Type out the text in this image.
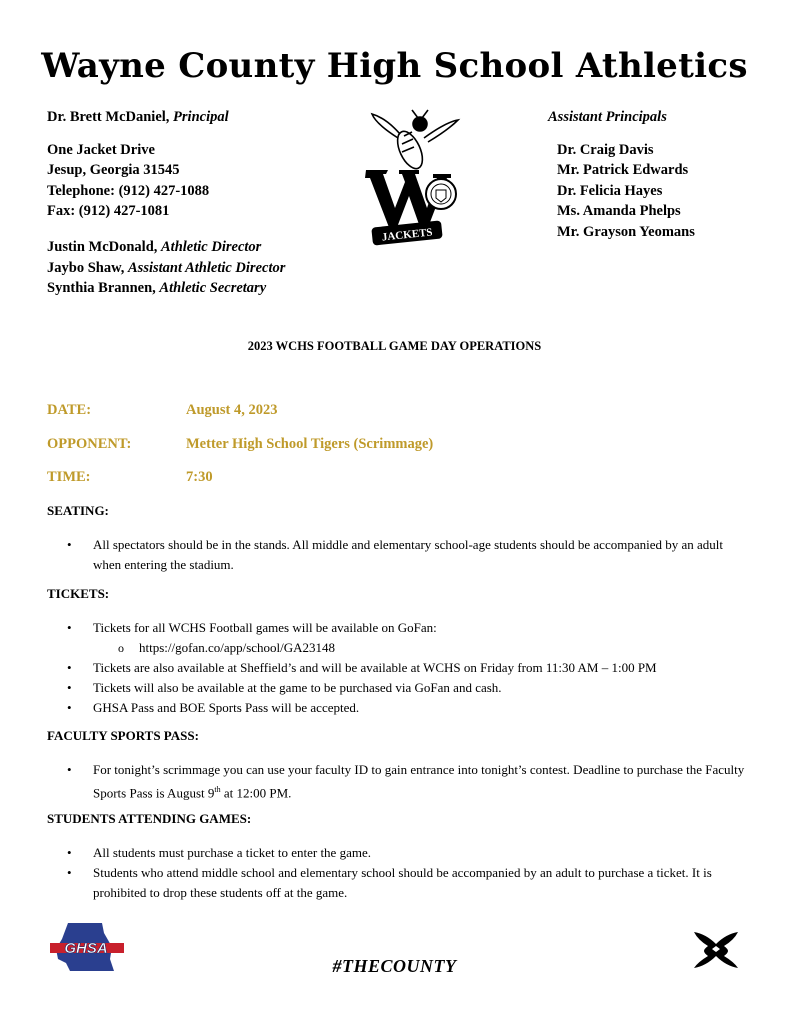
Wayne County High School Athletics
Dr. Brett McDaniel, Principal
One Jacket Drive
Jesup, Georgia 31545
Telephone: (912) 427-1088
Fax: (912) 427-1081
Justin McDonald, Athletic Director
Jaybo Shaw, Assistant Athletic Director
Synthia Brannen, Athletic Secretary
JACKETS
Assistant Principals
Dr. Craig Davis
Mr. Patrick Edwards
Dr. Felicia Hayes
Ms. Amanda Phelps
Mr. Grayson Yeomans
2023 WCHS FOOTBALL GAME DAY OPERATIONS
DATE:	August 4, 2023
OPPONENT:	Metter High School Tigers (Scrimmage)
TIME:	7:30
SEATING:
• All spectators should be in the stands. All middle and elementary school-age students should be accompanied by an adult when entering the stadium.
TICKETS:
• Tickets for all WCHS Football games will be available on GoFan:
o https://gofan.co/app/school/GA23148
• Tickets are also available at Sheffield’s and will be available at WCHS on Friday from 11:30 AM – 1:00 PM
• Tickets will also be available at the game to be purchased via GoFan and cash.
• GHSA Pass and BOE Sports Pass will be accepted.
FACULTY SPORTS PASS:
• For tonight’s scrimmage you can use your faculty ID to gain entrance into tonight’s contest. Deadline to purchase the Faculty Sports Pass is August 9th at 12:00 PM.
STUDENTS ATTENDING GAMES:
• All students must purchase a ticket to enter the game.
• Students who attend middle school and elementary school should be accompanied by an adult to purchase a ticket. It is prohibited to drop these students off at the game.
GHSA
#THECOUNTY
